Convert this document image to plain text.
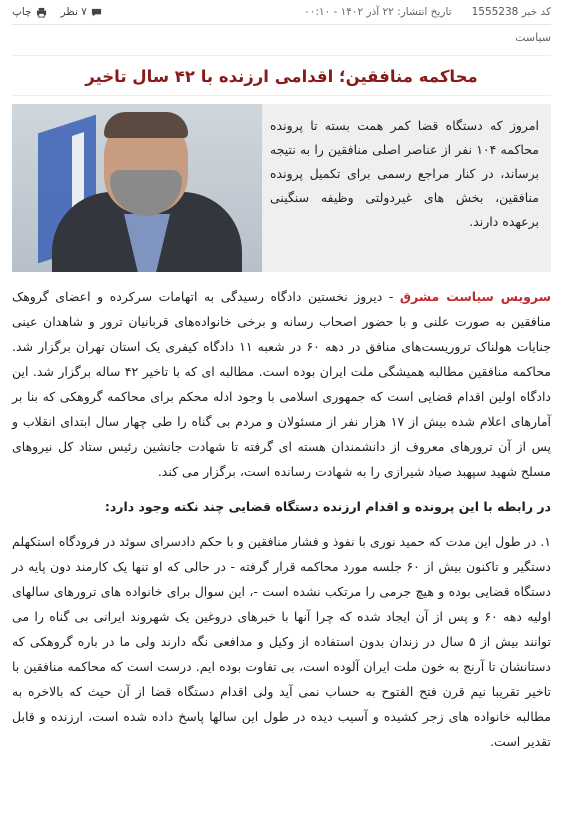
کد خبر 1555238
تاریخ انتشار: ۲۲ آذر ۱۴۰۲ - ۰۰:۱۰
۷ نظر
چاپ
سیاست
محاکمه منافقین؛ اقدامی ارزنده با ۴۲ سال تاخیر
امروز که دستگاه قضا کمر همت بسته تا پرونده محاکمه ۱۰۴ نفر از عناصر اصلی منافقین را به نتیجه برساند، در کنار مراجع رسمی برای تکمیل پرونده منافقین، بخش های غیردولتی وظیفه سنگینی برعهده دارند.

سرویس سیاست مشرق - دیروز نخستین دادگاه رسیدگی به اتهامات سرکرده و اعضای گروهک منافقین به صورت علنی و با حضور اصحاب رسانه و برخی خانواده‌های قربانیان ترور و شاهدان عینی جنایات هولناک تروریست‌های منافق در دهه ۶۰ در شعبه ۱۱ دادگاه کیفری یک استان تهران برگزار شد. محاکمه منافقین مطالبه همیشگی ملت ایران بوده است. مطالبه ای که با تاخیر ۴۲ ساله برگزار شد. این دادگاه اولین اقدام قضایی است که جمهوری اسلامی با وجود ادله محکم برای محاکمه گروهکی که بنا بر آمارهای اعلام شده بیش از ۱۷ هزار نفر از مسئولان و مردم بی گناه را طی چهار سال ابتدای انقلاب و پس از آن ترورهای معروف از دانشمندان هسته ای گرفته تا شهادت جانشین رئیس ستاد کل نیروهای مسلح شهید سپهبد صیاد شیرازی را به شهادت رسانده است، برگزار می کند.

در رابطه با این پرونده و اقدام ارزنده دستگاه قضایی چند نکته وجود دارد:

۱. در طول این مدت که حمید نوری با نفوذ و فشار منافقین و با حکم دادسرای سوئد در فرودگاه استکهلم دستگیر و تاکنون بیش از ۶۰ جلسه مورد محاکمه قرار گرفته - در حالی که او تنها یک کارمند دون پایه در دستگاه قضایی بوده و هیچ جرمی را مرتکب نشده است -، این سوال برای خانواده های ترورهای سالهای اولیه دهه ۶۰ و پس از آن ایجاد شده که چرا آنها با خبرهای دروغین یک شهروند ایرانی بی گناه را می توانند بیش از ۵ سال در زندان بدون استفاده از وکیل و مدافعی نگه دارند ولی ما در باره گروهکی که دستانشان تا آرنج به خون ملت ایران آلوده است، بی تفاوت بوده ایم. درست است که محاکمه منافقین با تاخیر تقریبا نیم قرن فتح الفتوح به حساب نمی آید ولی اقدام دستگاه قضا از آن حیث که بالاخره به مطالبه خانواده های زجر کشیده و آسیب دیده در طول این سالها پاسخ داده شده است، ارزنده و قابل تقدیر است.
